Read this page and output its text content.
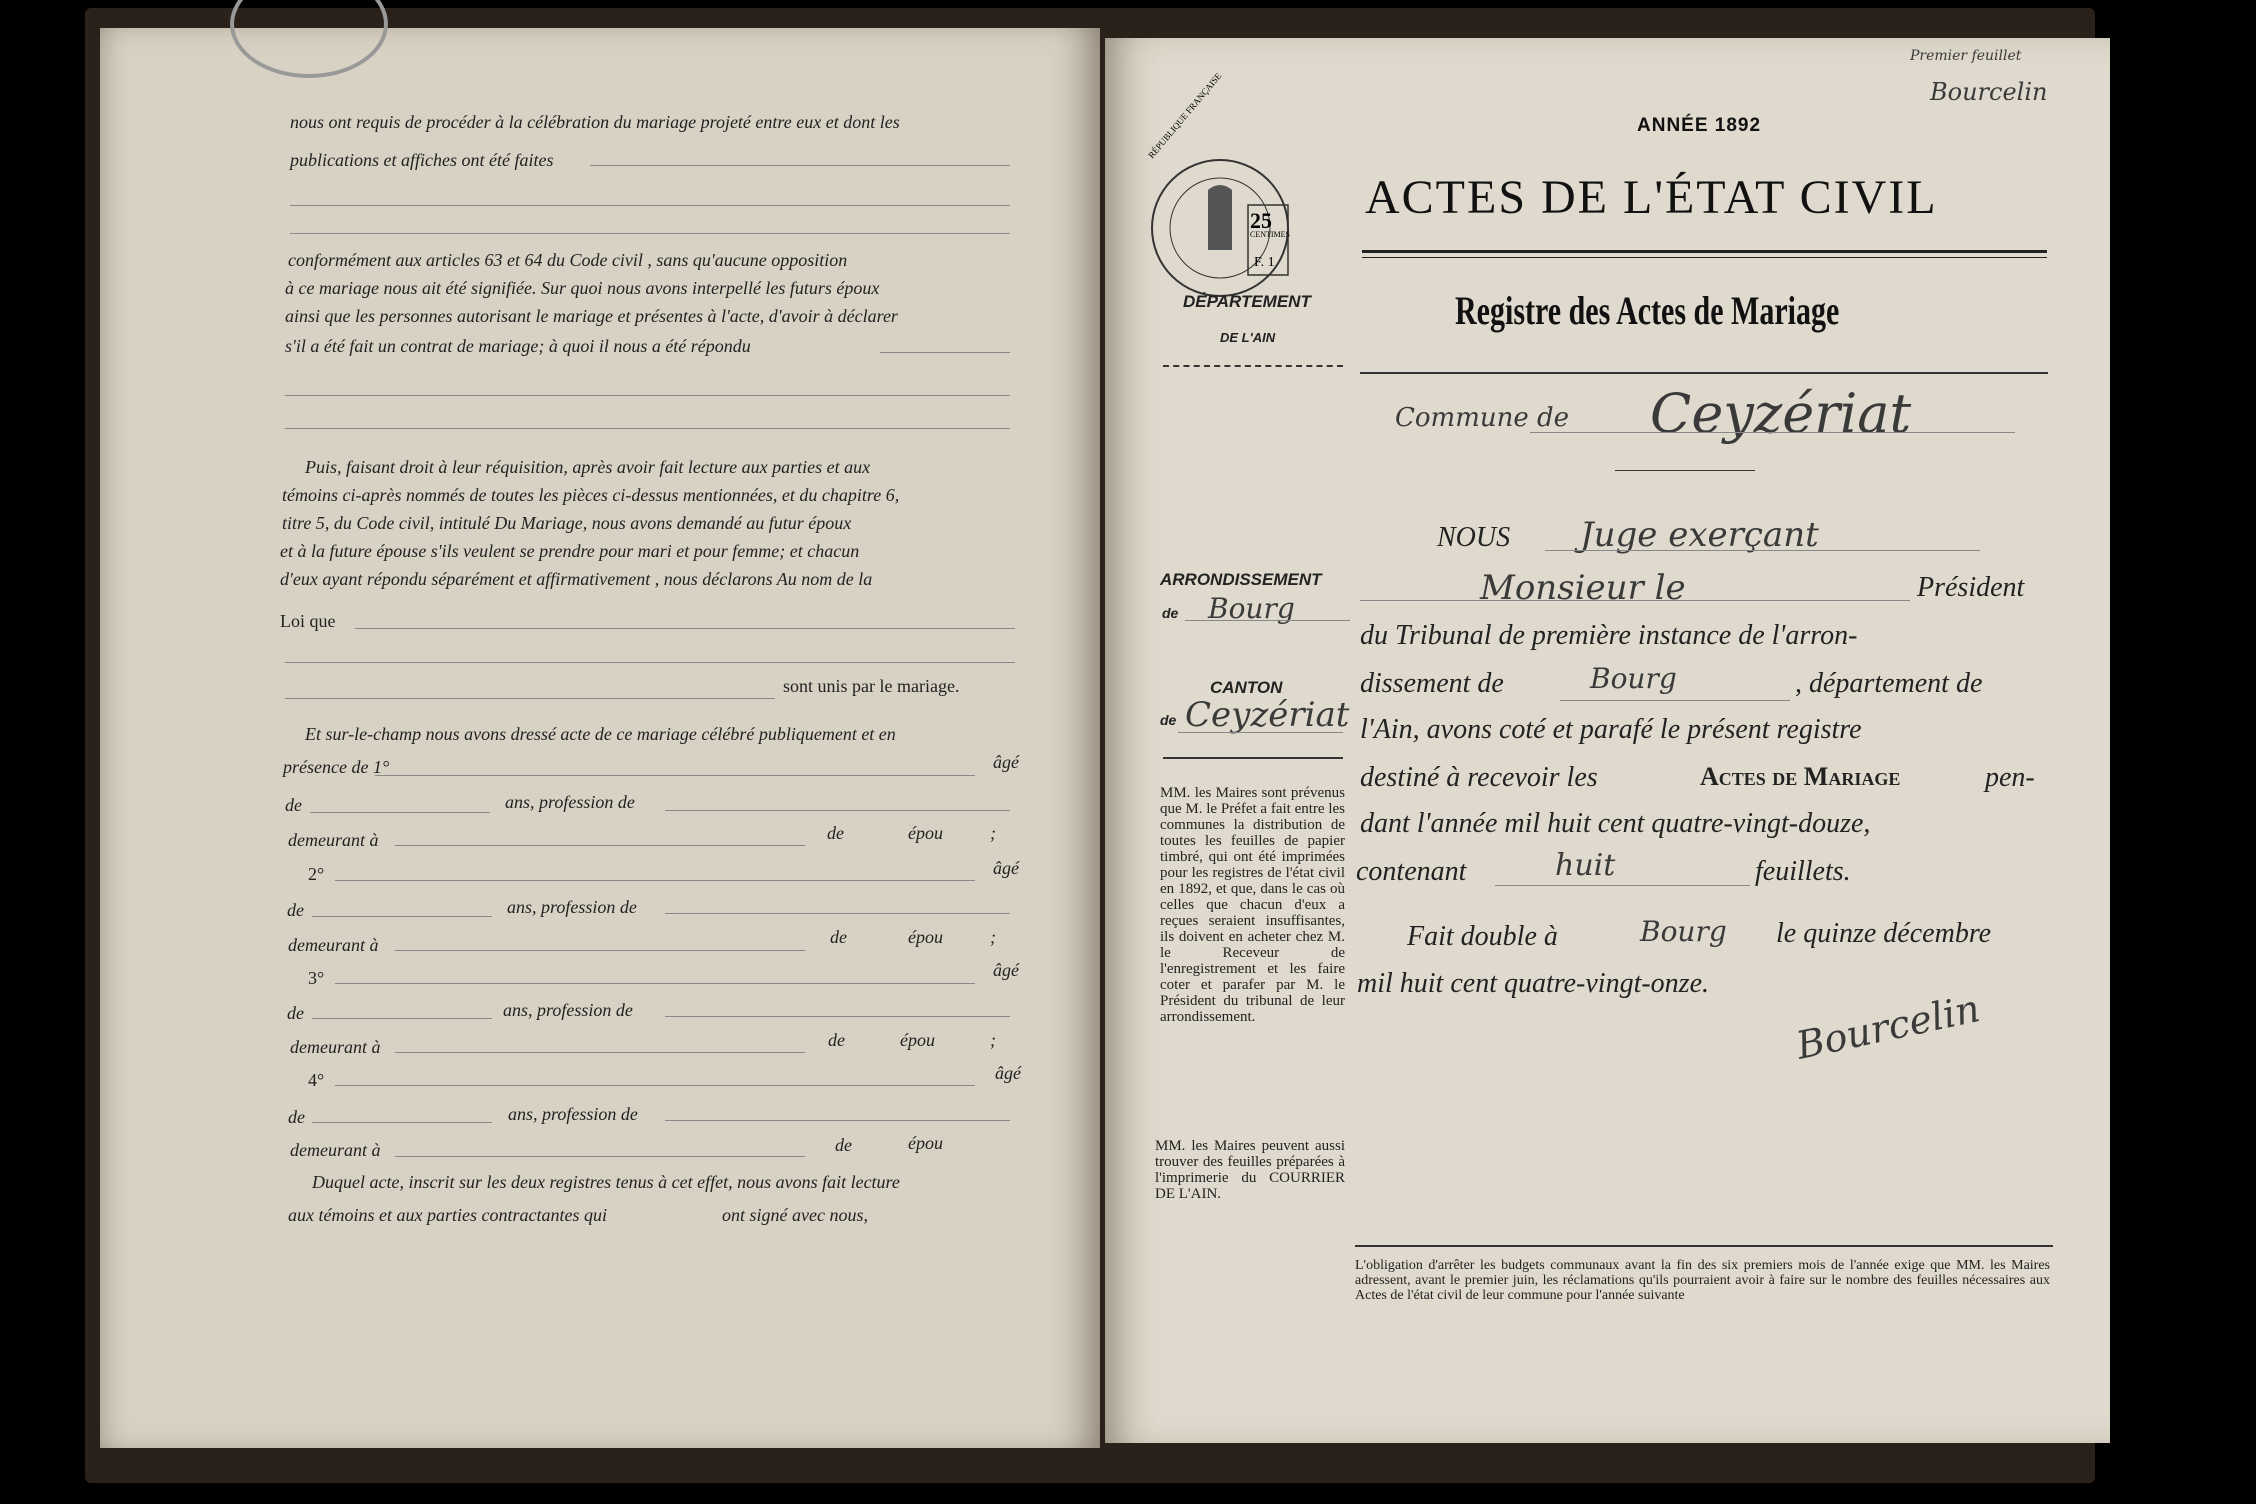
nous ont requis de procéder à la célébration du mariage projeté entre eux et dont les
publications et affiches ont été faites
conformément aux articles 63 et 64 du Code civil , sans qu'aucune opposition
à ce mariage nous ait été signifiée. Sur quoi nous avons interpellé les futurs époux
ainsi que les personnes autorisant le mariage et présentes à l'acte, d'avoir à déclarer
s'il a été fait un contrat de mariage; à quoi il nous a été répondu
Puis, faisant droit à leur réquisition, après avoir fait lecture aux parties et aux
témoins ci-après nommés de toutes les pièces ci-dessus mentionnées, et du chapitre 6,
titre 5, du Code civil, intitulé Du Mariage, nous avons demandé au futur époux
et à la future épouse s'ils veulent se prendre pour mari et pour femme; et chacun
d'eux ayant répondu séparément et affirmativement , nous déclarons Au nom de la
Loi que
sont unis par le mariage.
Et sur-le-champ nous avons dressé acte de ce mariage célébré publiquement et en
présence de 1°	âgé
de	ans, profession de
demeurant à	de	épou	;
2°	âgé
de	ans, profession de
demeurant à	de	épou	;
3°	âgé
de	ans, profession de
demeurant à	de	épou	;
4°	âgé
de	ans, profession de
demeurant à	de	épou
Duquel acte, inscrit sur les deux registres tenus à cet effet, nous avons fait lecture
aux témoins et aux parties contractantes qui	ont signé avec nous,
Premier feuillet
Bourcelin
ANNÉE 1892
ACTES DE L'ÉTAT CIVIL
Registre des Actes de Mariage
25
CENTIMES
F. 1
RÉPUBLIQUE FRANÇAISE
DÉPARTEMENT
DE L'AIN
Commune de Ceyzériat
ARRONDISSEMENT
de Bourg
CANTON
de Ceyzériat
MM. les Maires sont prévenus que M. le Préfet a fait entre les communes la distribution de toutes les feuilles de papier timbré, qui ont été imprimées pour les registres de l'état civil en 1892, et que, dans le cas où celles que chacun d'eux a reçues seraient insuffisantes, ils doivent en acheter chez M. le Receveur de l'enregistrement et les faire coter et parafer par M. le Président du tribunal de leur arrondissement.
MM. les Maires peuvent aussi trouver des feuilles préparées à l'imprimerie du COURRIER DE L'AIN.
NOUS Juge exerçant
Monsieur le	Président
du Tribunal de première instance de l'arron-
dissement de	Bourg	, département de
l'Ain, avons coté et parafé le présent registre
destiné à recevoir les	Actes de Mariage	pen-
dant l'année mil huit cent quatre-vingt-douze,
contenant	huit	feuillets.
Fait double à	Bourg le quinze décembre
mil huit cent quatre-vingt-onze.
Bourcelin
L'obligation d'arrêter les budgets communaux avant la fin des six premiers mois de l'année exige que MM. les Maires adressent, avant le premier juin, les réclamations qu'ils pourraient avoir à faire sur le nombre des feuilles nécessaires aux Actes de l'état civil de leur commune pour l'année suivante
